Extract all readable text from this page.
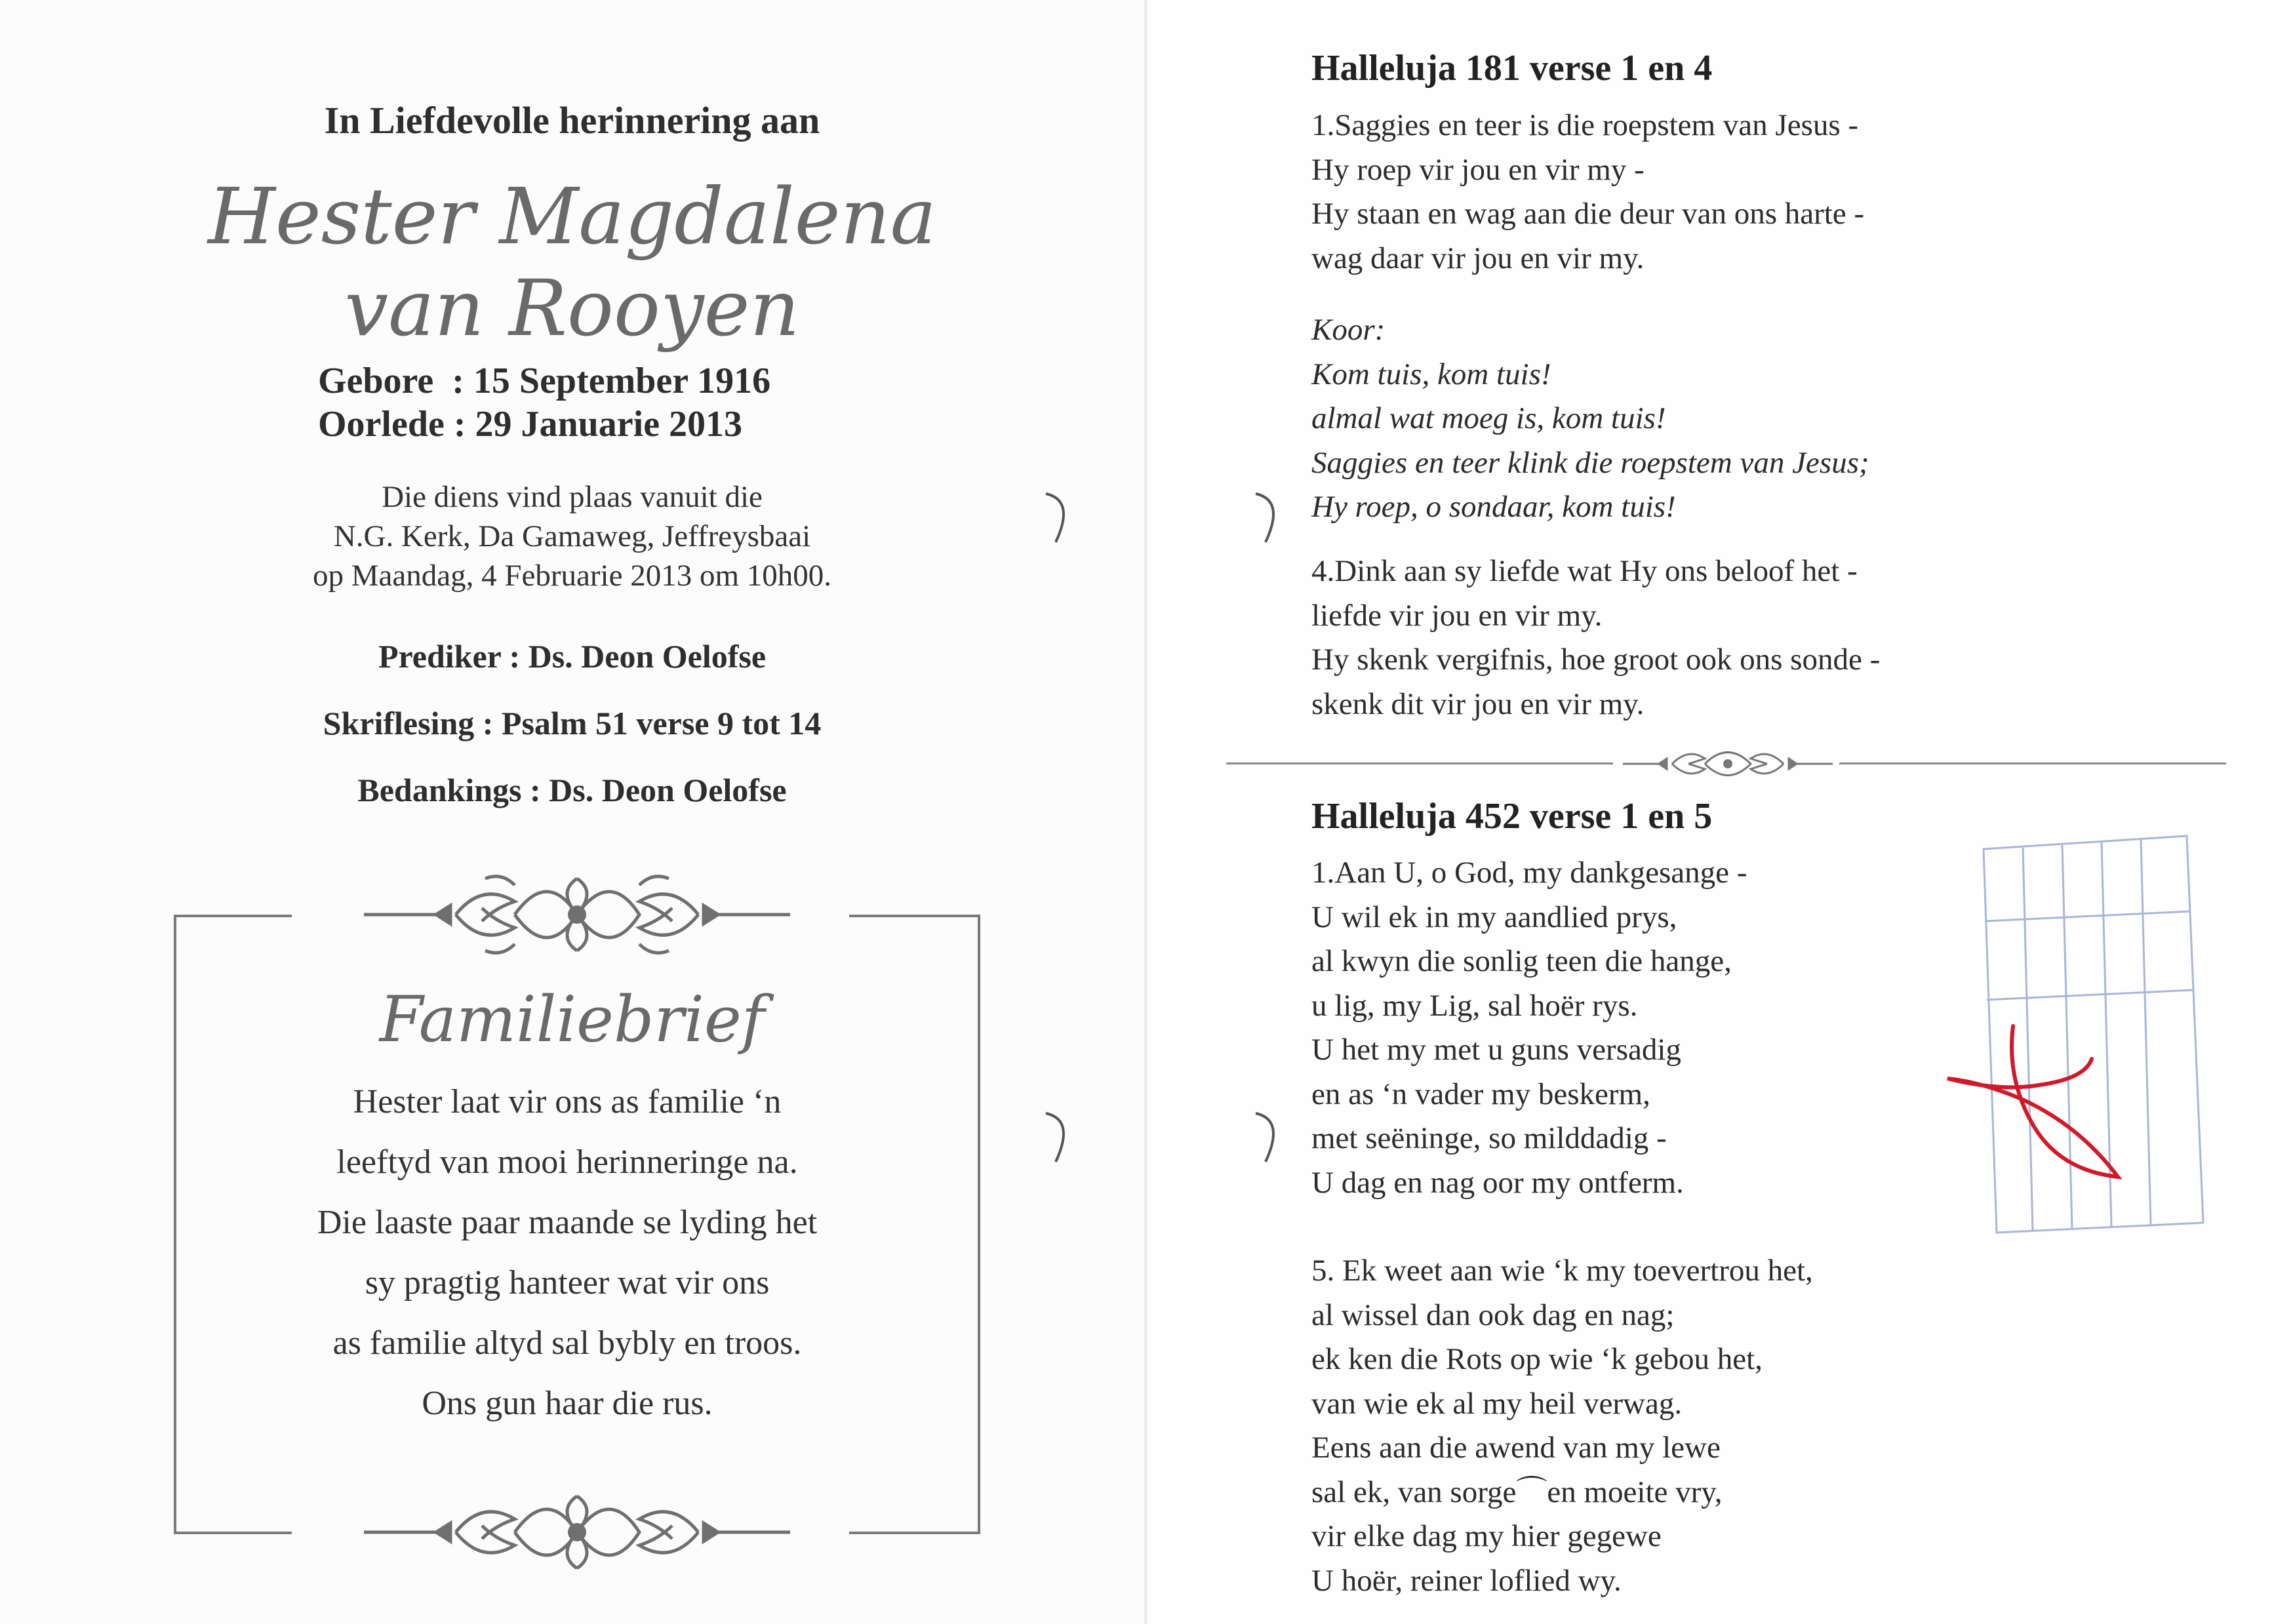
In Liefdevolle herinnering aan
Hester Magdalena
van Rooyen
Gebore  : 15 September 1916
Oorlede : 29 Januarie 2013
Die diens vind plaas vanuit die
N.G. Kerk, Da Gamaweg, Jeffreysbaai
op Maandag, 4 Februarie 2013 om 10h00.
Prediker : Ds. Deon Oelofse
Skriflesing : Psalm 51 verse 9 tot 14
Bedankings : Ds. Deon Oelofse
Familiebrief
Hester laat vir ons as familie ‘n
leeftyd van mooi herinneringe na.
Die laaste paar maande se lyding het
sy pragtig hanteer wat vir ons
as familie altyd sal bybly en troos.
Ons gun haar die rus.
Halleluja 181 verse 1 en 4
1.Saggies en teer is die roepstem van Jesus -
Hy roep vir jou en vir my -
Hy staan en wag aan die deur van ons harte -
wag daar vir jou en vir my.
Koor:
Kom tuis, kom tuis!
almal wat moeg is, kom tuis!
Saggies en teer klink die roepstem van Jesus;
Hy roep, o sondaar, kom tuis!
4.Dink aan sy liefde wat Hy ons beloof het -
liefde vir jou en vir my.
Hy skenk vergifnis, hoe groot ook ons sonde -
skenk dit vir jou en vir my.
Halleluja 452 verse 1 en 5
1.Aan U, o God, my dankgesange -
U wil ek in my aandlied prys,
al kwyn die sonlig teen die hange,
u lig, my Lig, sal hoër rys.
U het my met u guns versadig
en as ‘n vader my beskerm,
met seëninge, so milddadig -
U dag en nag oor my ontferm.
5. Ek weet aan wie ‘k my toevertrou het,
al wissel dan ook dag en nag;
ek ken die Rots op wie ‘k gebou het,
van wie ek al my heil verwag.
Eens aan die awend van my lewe
sal ek, van sorge⌒en moeite vry,
vir elke dag my hier gegewe
U hoër, reiner loflied wy.
